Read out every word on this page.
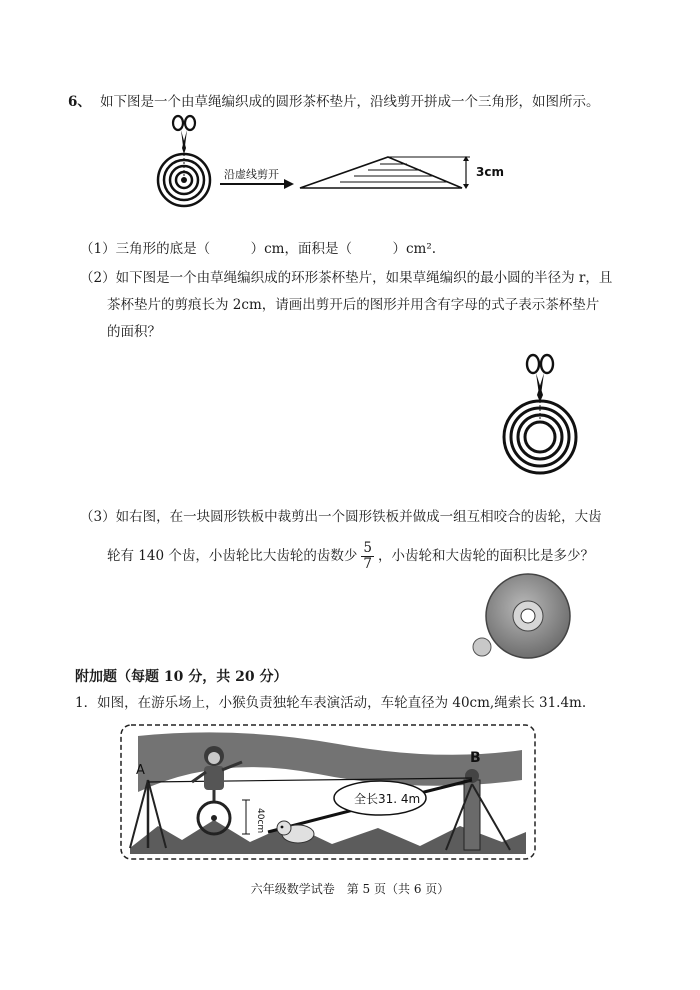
6、 如下图是一个由草绳编织成的圆形茶杯垫片，沿线剪开拼成一个三角形，如图所示。
沿虚线剪开	3cm
（1）三角形的底是（　　　）cm，面积是（　　　）cm².
（2）如下图是一个由草绳编织成的环形茶杯垫片，如果草绳编织的最小圆的半径为 r，且
茶杯垫片的剪痕长为 2cm，请画出剪开后的图形并用含有字母的式子表示茶杯垫片
的面积？
（3）如右图，在一块圆形铁板中裁剪出一个圆形铁板并做成一组互相咬合的齿轮，大齿
轮有 140 个齿，小齿轮比大齿轮的齿数少 $\frac{5}{7}$ ，小齿轮和大齿轮的面积比是多少？
附加题（每题 10 分，共 20 分）
1．如图，在游乐场上，小猴负责独轮车表演活动，车轮直径为 40cm,绳索长 31.4m.
A
B
40cm
全长31. 4m
六年级数学试卷　第 5 页（共 6 页）
